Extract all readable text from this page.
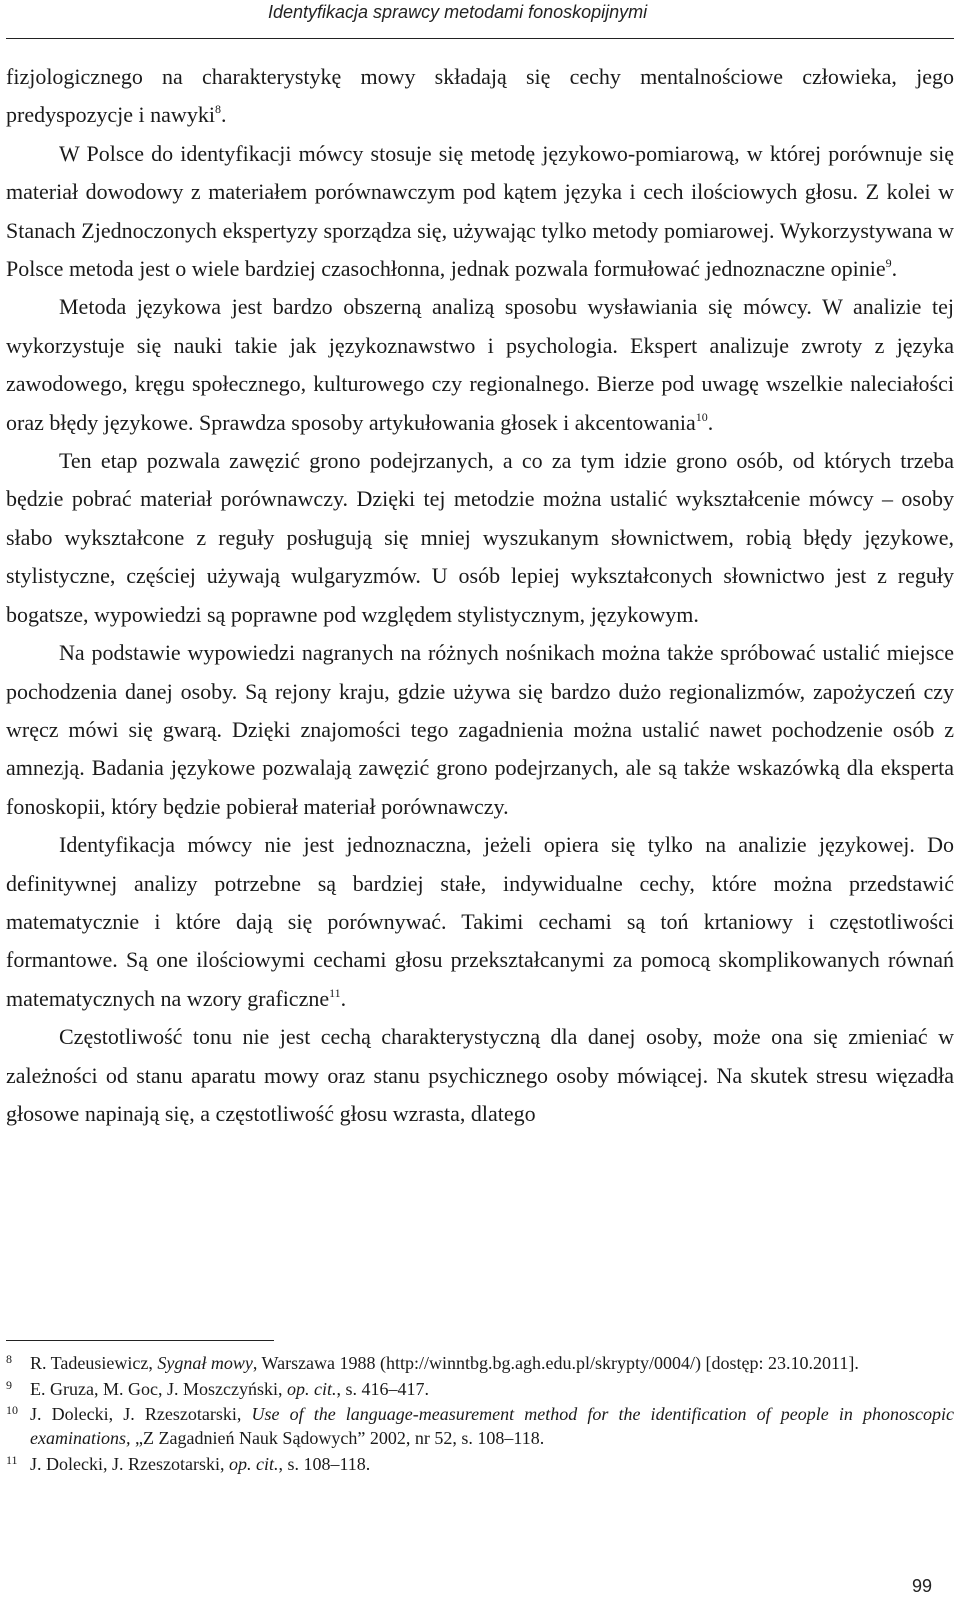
Identyfikacja sprawcy metodami fonoskopijnymi

fizjologicznego na charakterystykę mowy składają się cechy mentalnościowe człowieka, jego predyspozycje i nawyki$^8$.

W Polsce do identyfikacji mówcy stosuje się metodę językowo-pomiarową, w której porównuje się materiał dowodowy z materiałem porównawczym pod kątem języka i cech ilościowych głosu. Z kolei w Stanach Zjednoczonych ekspertyzy sporządza się, używając tylko metody pomiarowej. Wykorzystywana w Polsce metoda jest o wiele bardziej czasochłonna, jednak pozwala formułować jednoznaczne opinie$^9$.

Metoda językowa jest bardzo obszerną analizą sposobu wysławiania się mówcy. W analizie tej wykorzystuje się nauki takie jak językoznawstwo i psychologia. Ekspert analizuje zwroty z języka zawodowego, kręgu społecznego, kulturowego czy regionalnego. Bierze pod uwagę wszelkie naleciałości oraz błędy językowe. Sprawdza sposoby artykułowania głosek i akcentowania$^{10}$.

Ten etap pozwala zawęzić grono podejrzanych, a co za tym idzie grono osób, od których trzeba będzie pobrać materiał porównawczy. Dzięki tej metodzie można ustalić wykształcenie mówcy – osoby słabo wykształcone z reguły posługują się mniej wyszukanym słownictwem, robią błędy językowe, stylistyczne, częściej używają wulgaryzmów. U osób lepiej wykształconych słownictwo jest z reguły bogatsze, wypowiedzi są poprawne pod względem stylistycznym, językowym.

Na podstawie wypowiedzi nagranych na różnych nośnikach można także spróbować ustalić miejsce pochodzenia danej osoby. Są rejony kraju, gdzie używa się bardzo dużo regionalizmów, zapożyczeń czy wręcz mówi się gwarą. Dzięki znajomości tego zagadnienia można ustalić nawet pochodzenie osób z amnezją. Badania językowe pozwalają zawęzić grono podejrzanych, ale są także wskazówką dla eksperta fonoskopii, który będzie pobierał materiał porównawczy.

Identyfikacja mówcy nie jest jednoznaczna, jeżeli opiera się tylko na analizie językowej. Do definitywnej analizy potrzebne są bardziej stałe, indywidualne cechy, które można przedstawić matematycznie i które dają się porównywać. Takimi cechami są toń krtaniowy i częstotliwości formantowe. Są one ilościowymi cechami głosu przekształcanymi za pomocą skomplikowanych równań matematycznych na wzory graficzne$^{11}$.

Częstotliwość tonu nie jest cechą charakterystyczną dla danej osoby, może ona się zmieniać w zależności od stanu aparatu mowy oraz stanu psychicznego osoby mówiącej. Na skutek stresu więzadła głosowe napinają się, a częstotliwość głosu wzrasta, dlatego

8 R. Tadeusiewicz, Sygnał mowy, Warszawa 1988 (http://winntbg.bg.agh.edu.pl/skrypty/0004/) [dostęp: 23.10.2011].
9 E. Gruza, M. Goc, J. Moszczyński, op. cit., s. 416–417.
10 J. Dolecki, J. Rzeszotarski, Use of the language-measurement method for the identification of people in phonoscopic examinations, „Z Zagadnień Nauk Sądowych” 2002, nr 52, s. 108–118.
11 J. Dolecki, J. Rzeszotarski, op. cit., s. 108–118.
99
